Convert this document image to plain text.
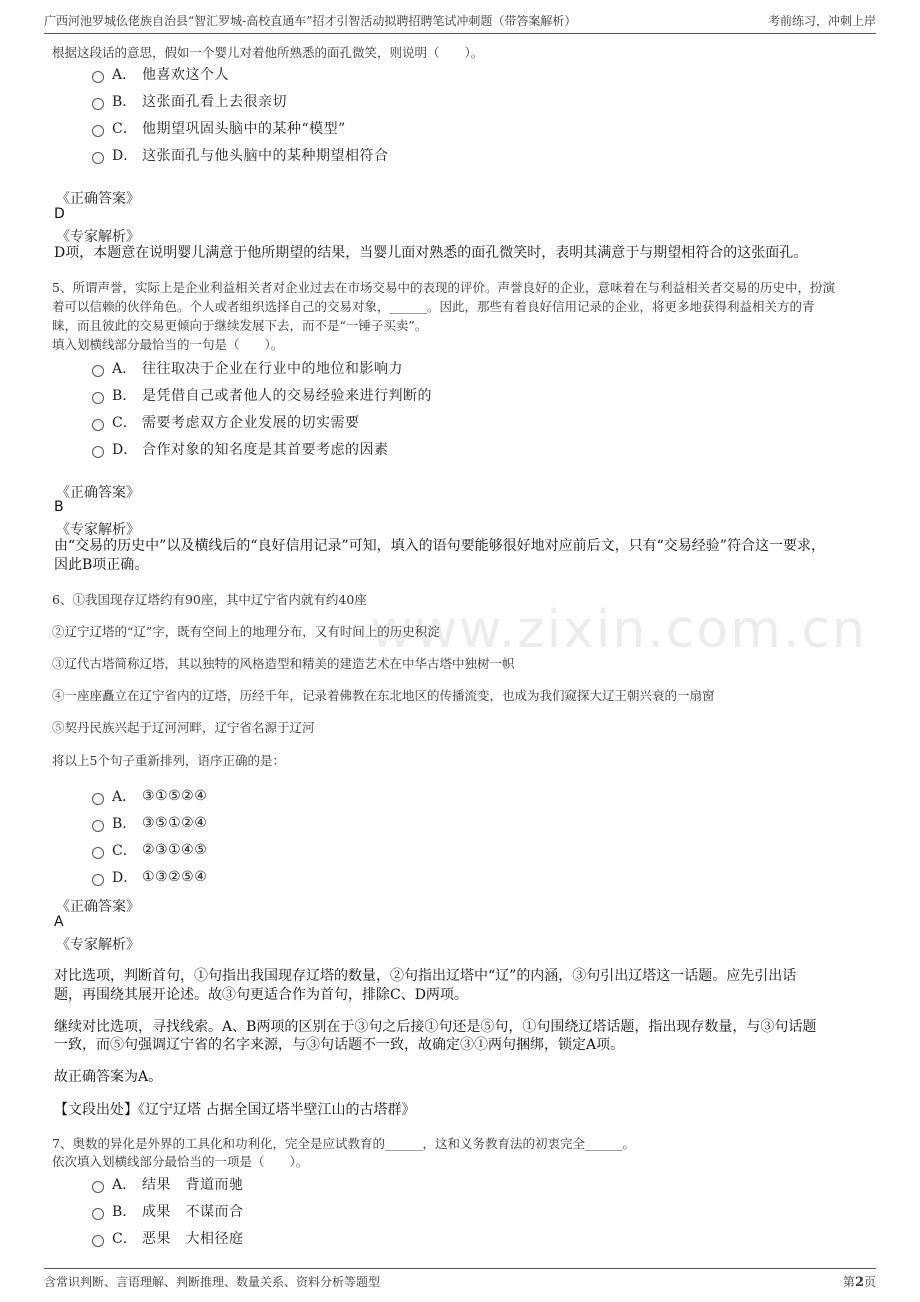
广西河池罗城仫佬族自治县“智汇罗城-高校直通车”招才引智活动拟聘招聘笔试冲刺题（带答案解析）	考前练习，冲刺上岸
www.zixin.com.cn
根据这段话的意思，假如一个婴儿对着他所熟悉的面孔微笑，则说明（　　）。
A． 他喜欢这个人
B． 这张面孔看上去很亲切
C． 他期望巩固头脑中的某种“模型”
D． 这张面孔与他头脑中的某种期望相符合
《正确答案》
D
《专家解析》
D项，本题意在说明婴儿满意于他所期望的结果，当婴儿面对熟悉的面孔微笑时，表明其满意于与期望相符合的这张面孔。
5、所谓声誉，实际上是企业利益相关者对企业过去在市场交易中的表现的评价。声誉良好的企业，意味着在与利益相关者交易的历史中，扮演
着可以信赖的伙伴角色。个人或者组织选择自己的交易对象，______。因此，那些有着良好信用记录的企业，将更多地获得利益相关方的青
睐，而且彼此的交易更倾向于继续发展下去，而不是“一锤子买卖”。
填入划横线部分最恰当的一句是（　　）。
A． 往往取决于企业在行业中的地位和影响力
B． 是凭借自己或者他人的交易经验来进行判断的
C． 需要考虑双方企业发展的切实需要
D． 合作对象的知名度是其首要考虑的因素
《正确答案》
B
《专家解析》
由“交易的历史中”以及横线后的“良好信用记录”可知，填入的语句要能够很好地对应前后文，只有“交易经验”符合这一要求，
因此B项正确。
6、①我国现存辽塔约有90座，其中辽宁省内就有约40座
②辽宁辽塔的“辽”字，既有空间上的地理分布，又有时间上的历史积淀
③辽代古塔简称辽塔，其以独特的风格造型和精美的建造艺术在中华古塔中独树一帜
④一座座矗立在辽宁省内的辽塔，历经千年，记录着佛教在东北地区的传播流变，也成为我们窥探大辽王朝兴衰的一扇窗
⑤契丹民族兴起于辽河河畔，辽宁省名源于辽河
将以上5个句子重新排列，语序正确的是：
A． ③①⑤②④
B． ③⑤①②④
C． ②③①④⑤
D． ①③②⑤④
《正确答案》
A
《专家解析》
对比选项，判断首句，①句指出我国现存辽塔的数量，②句指出辽塔中“辽”的内涵，③句引出辽塔这一话题。应先引出话
题，再围绕其展开论述。故③句更适合作为首句，排除C、D两项。
继续对比选项，寻找线索。A、B两项的区别在于③句之后接①句还是⑤句，①句围绕辽塔话题，指出现存数量，与③句话题
一致，而⑤句强调辽宁省的名字来源，与③句话题不一致，故确定③①两句捆绑，锁定A项。
故正确答案为A。
【文段出处】《辽宁辽塔 占据全国辽塔半壁江山的古塔群》
7、奥数的异化是外界的工具化和功利化，完全是应试教育的______，这和义务教育法的初衷完全______。
依次填入划横线部分最恰当的一项是（　　）。
A． 结果　背道而驰
B． 成果　不谋而合
C． 恶果　大相径庭
含常识判断、言语理解、判断推理、数量关系、资料分析等题型	第2页
